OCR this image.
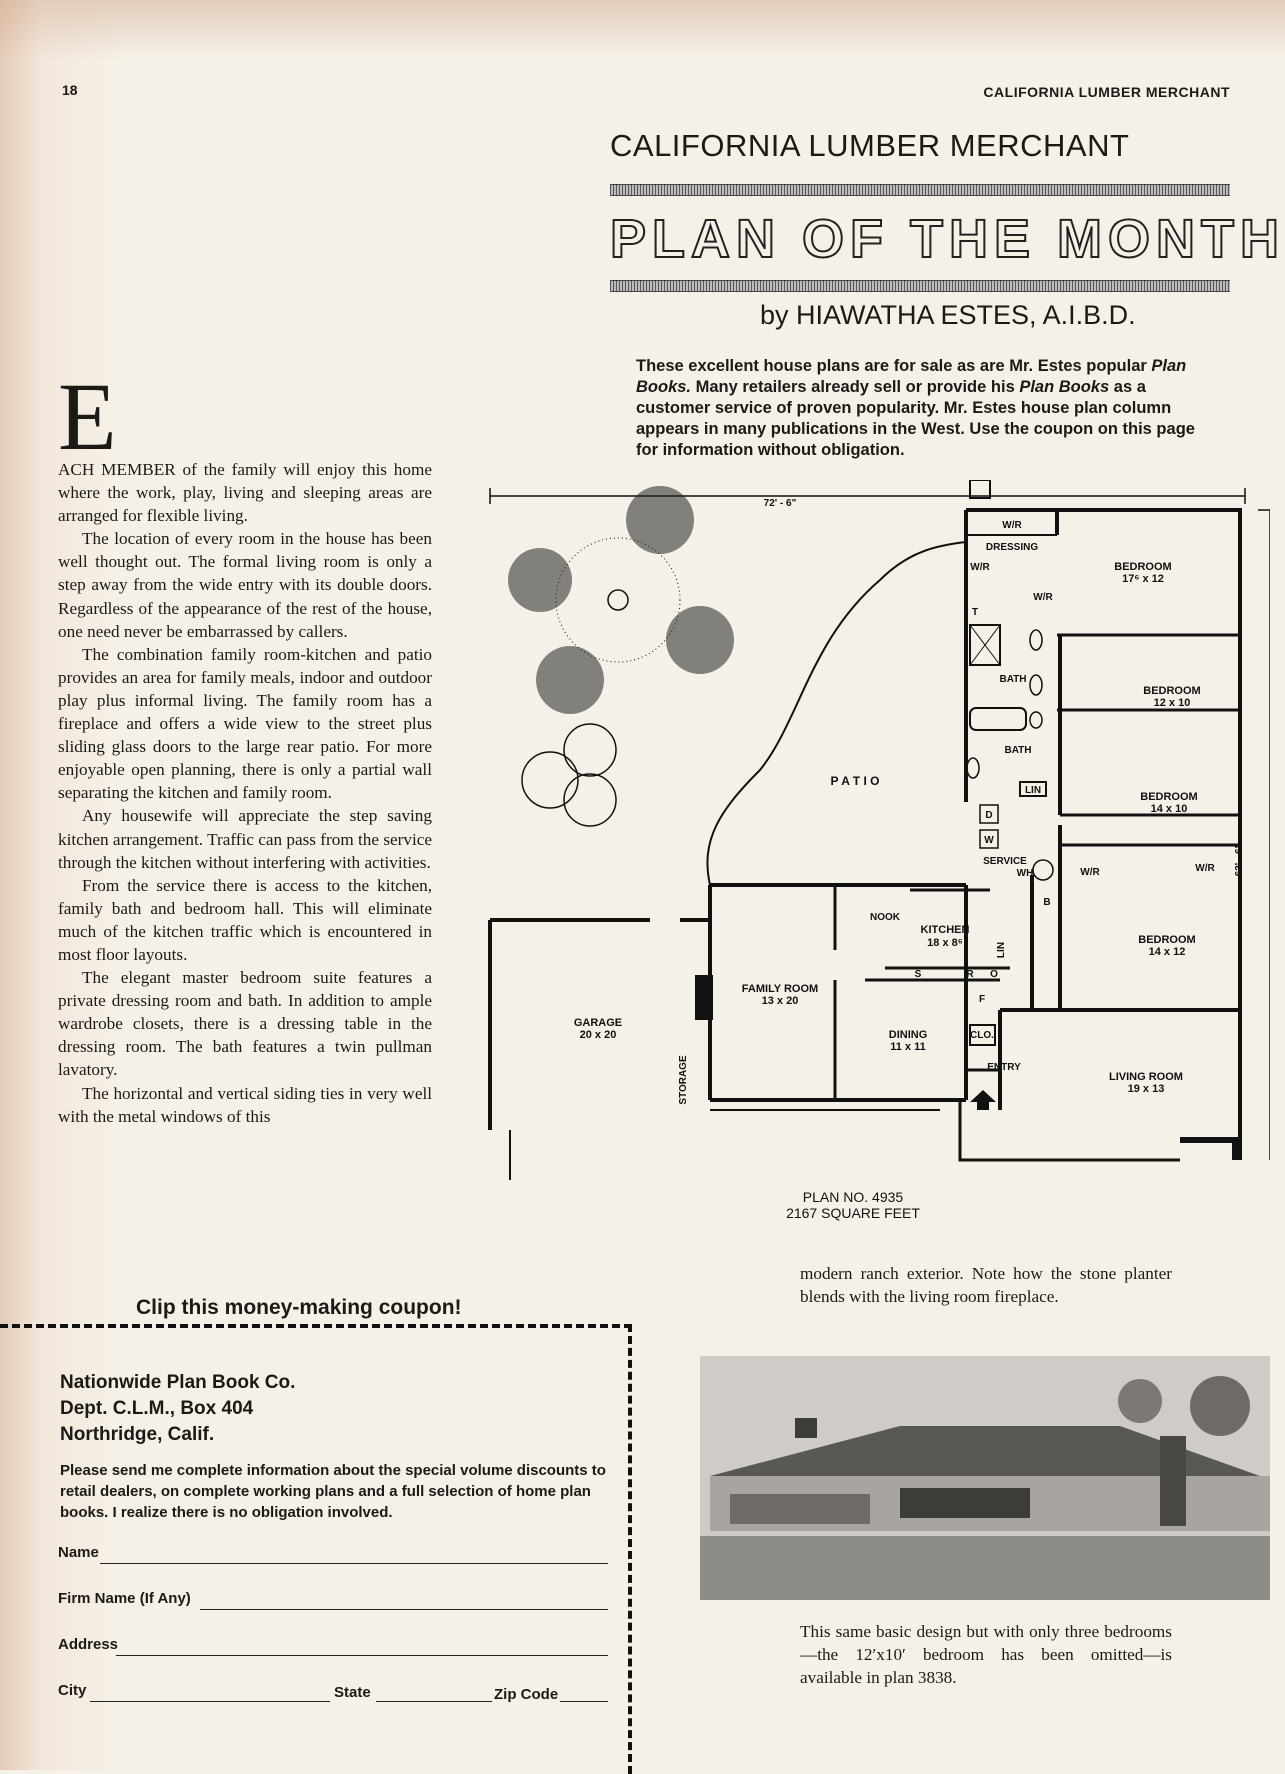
18	CALIFORNIA LUMBER MERCHANT
CALIFORNIA LUMBER MERCHANT
PLAN OF THE MONTH
by HIAWATHA ESTES, A.I.B.D.
These excellent house plans are for sale as are Mr. Estes popular Plan Books. Many retailers already sell or provide his Plan Books as a customer service of proven popularity. Mr. Estes house plan column appears in many publications in the West. Use the coupon on this page for information without obligation.

E
ACH MEMBER of the family will enjoy this home where the work, play, living and sleeping areas are arranged for flexible living.

The location of every room in the house has been well thought out. The formal living room is only a step away from the wide entry with its double doors. Regardless of the appearance of the rest of the house, one need never be embarrassed by callers.

The combination family room-kitchen and patio provides an area for family meals, indoor and outdoor play plus informal living. The family room has a fireplace and offers a wide view to the street plus sliding glass doors to the large rear patio. For more enjoyable open planning, there is only a partial wall separating the kitchen and family room.

Any housewife will appreciate the step saving kitchen arrangement. Traffic can pass from the service through the kitchen without interfering with activities.

From the service there is access to the kitchen, family bath and bedroom hall. This will eliminate much of the kitchen traffic which is encountered in most floor layouts.

The elegant master bedroom suite features a private dressing room and bath. In addition to ample wardrobe closets, there is a dressing table in the dressing room. The bath features a twin pullman lavatory.

The horizontal and vertical siding ties in very well with the metal windows of this

72' - 6"
62' - 6"
W/R
DRESSING
W/R
W/R
T
BATH
BATH
LIN
D
W
SERVICE
WH
P A T I O
NOOK
KITCHEN
18 x 8⁶
S	R O
F
CLO.
LIN
B
FAMILY ROOM
13 x 20
DINING
11 x 11
GARAGE
20 x 20
STORAGE	ENTRY
BEDROOM
17⁶ x 12
BEDROOM
12 x 10
BEDROOM
14 x 10
W/R	W/R
BEDROOM
14 x 12
LIVING ROOM
19 x 13
PLAN NO. 4935
2167 SQUARE FEET
modern ranch exterior. Note how the stone planter blends with the living room fireplace.
This same basic design but with only three bedrooms—the 12′x10′ bedroom has been omitted—is available in plan 3838.
Clip this money-making coupon!
Nationwide Plan Book Co.
Dept. C.L.M., Box 404
Northridge, Calif.
Please send me complete information about the special volume discounts to retail dealers, on complete working plans and a full selection of home plan books. I realize there is no obligation involved.
Name
Firm Name (If Any)
Address
City	State	Zip Code
